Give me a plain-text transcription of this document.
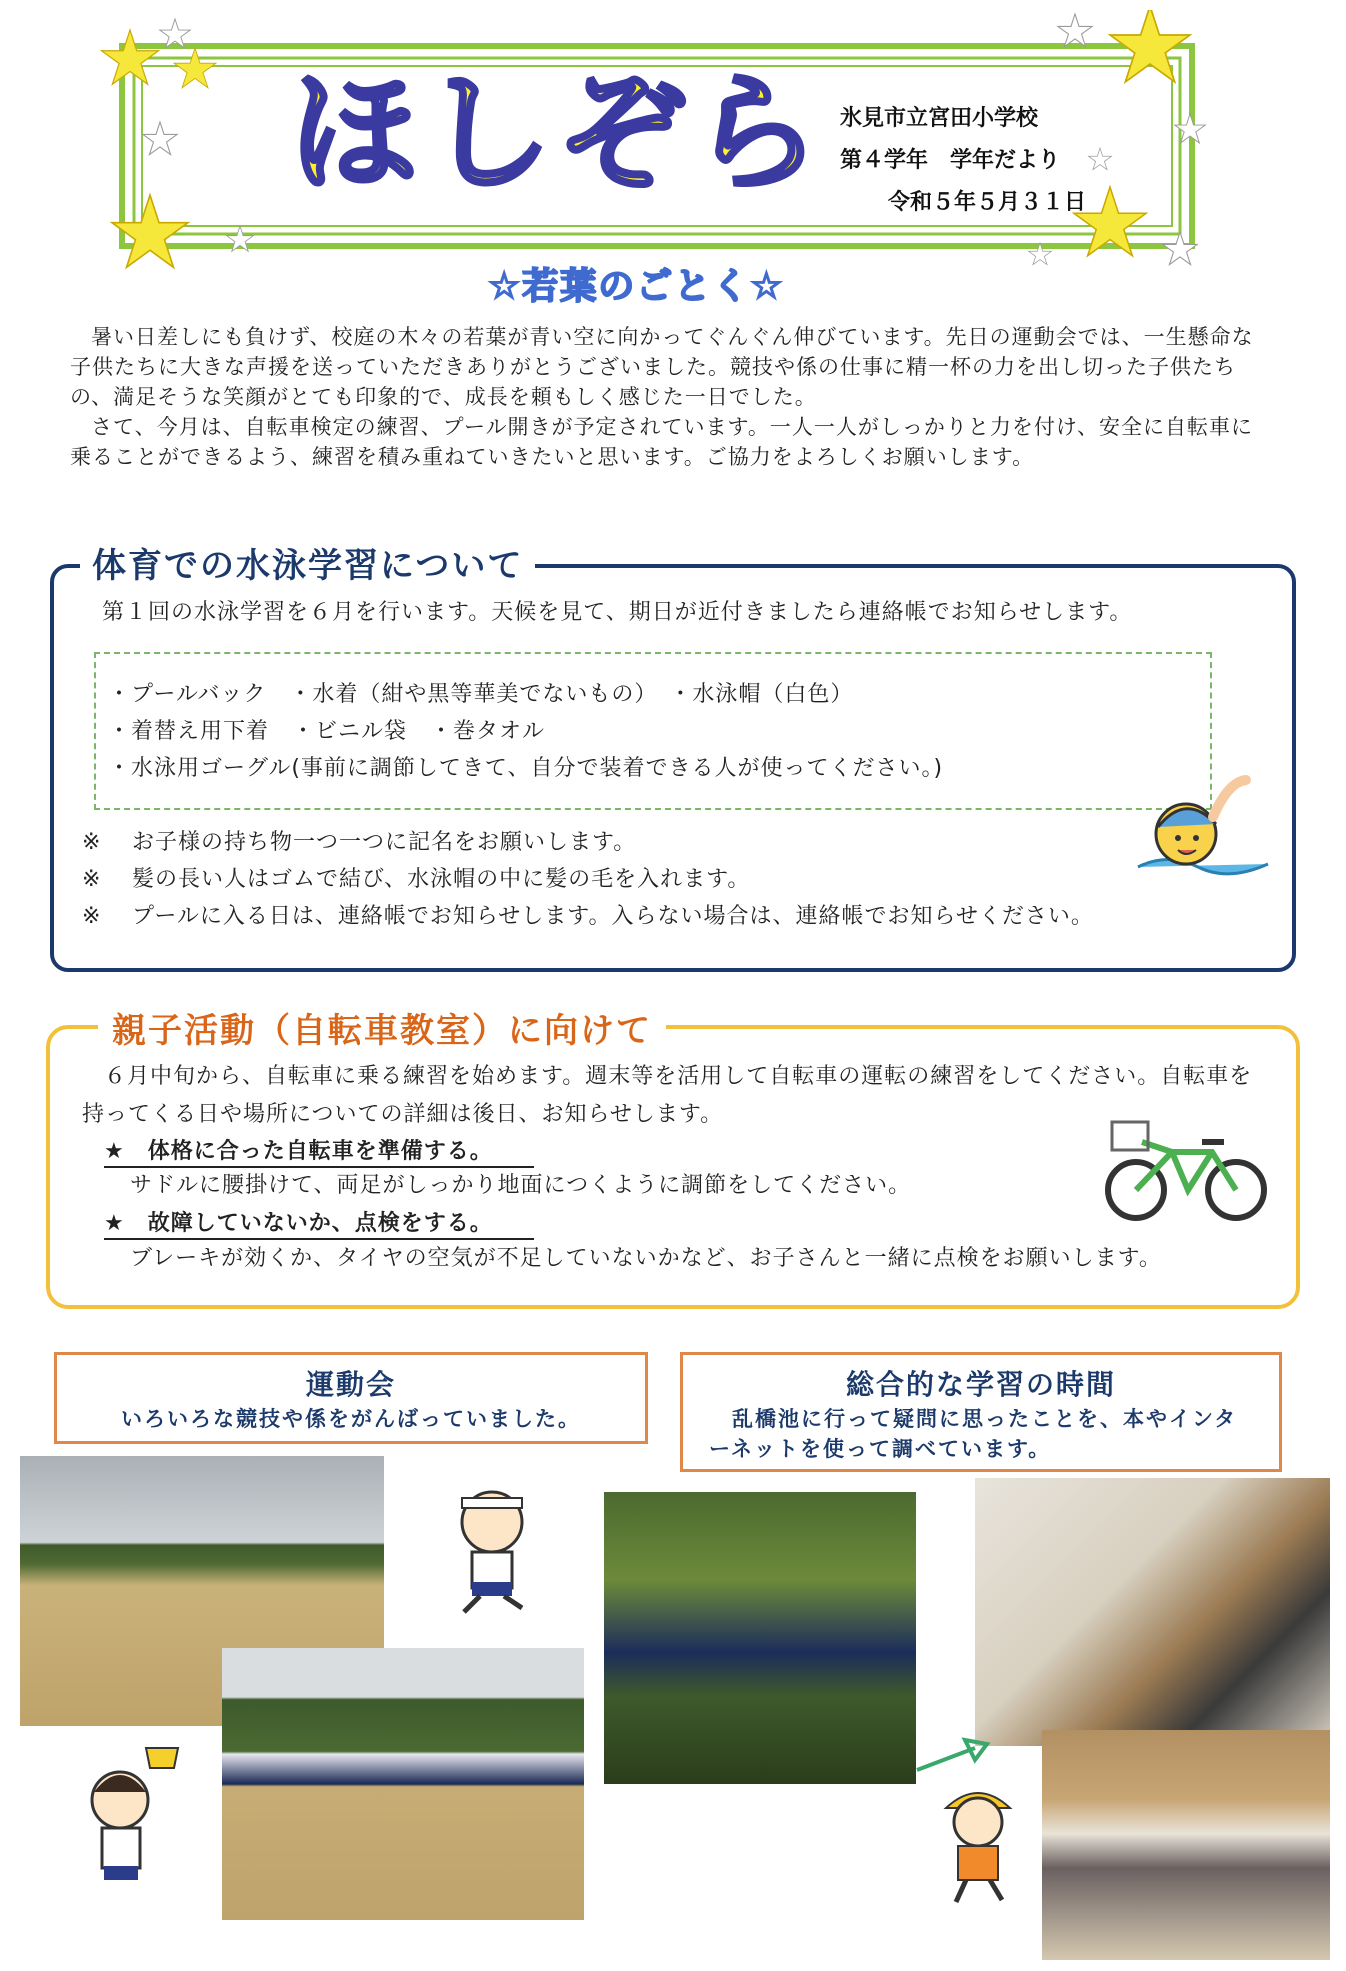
ほしぞら 氷見市立宮田小学校
第４学年　学年だより
令和５年５月３１日
☆若葉のごとく☆

暑い日差しにも負けず、校庭の木々の若葉が青い空に向かってぐんぐん伸びています。先日の運動会では、一生懸命な子供たちに大きな声援を送っていただきありがとうございました。競技や係の仕事に精一杯の力を出し切った子供たちの、満足そうな笑顔がとても印象的で、成長を頼もしく感じた一日でした。

さて、今月は、自転車検定の練習、プール開きが予定されています。一人一人がしっかりと力を付け、安全に自転車に乗ることができるよう、練習を積み重ねていきたいと思います。ご協力をよろしくお願いします。

体育での水泳学習について
第１回の水泳学習を６月を行います。天候を見て、期日が近付きましたら連絡帳でお知らせします。
・プールバック　・水着（紺や黒等華美でないもの）　・水泳帽（白色）
・着替え用下着　・ビニル袋　・巻タオル
・水泳用ゴーグル(事前に調節してきて、自分で装着できる人が使ってください。)
※ お子様の持ち物一つ一つに記名をお願いします。
※ 髪の長い人はゴムで結び、水泳帽の中に髪の毛を入れます。
※ プールに入る日は、連絡帳でお知らせします。入らない場合は、連絡帳でお知らせください。
親子活動（自転車教室）に向けて

６月中旬から、自転車に乗る練習を始めます。週末等を活用して自転車の運転の練習をしてください。自転車を持ってくる日や場所についての詳細は後日、お知らせします。

★　体格に合った自転車を準備する。
サドルに腰掛けて、両足がしっかり地面につくように調節をしてください。
★　故障していないか、点検をする。
ブレーキが効くか、タイヤの空気が不足していないかなど、お子さんと一緒に点検をお願いします。
運動会
いろいろな競技や係をがんばっていました。
総合的な学習の時間
　乱橋池に行って疑問に思ったことを、本やインタ
ーネットを使って調べています。
